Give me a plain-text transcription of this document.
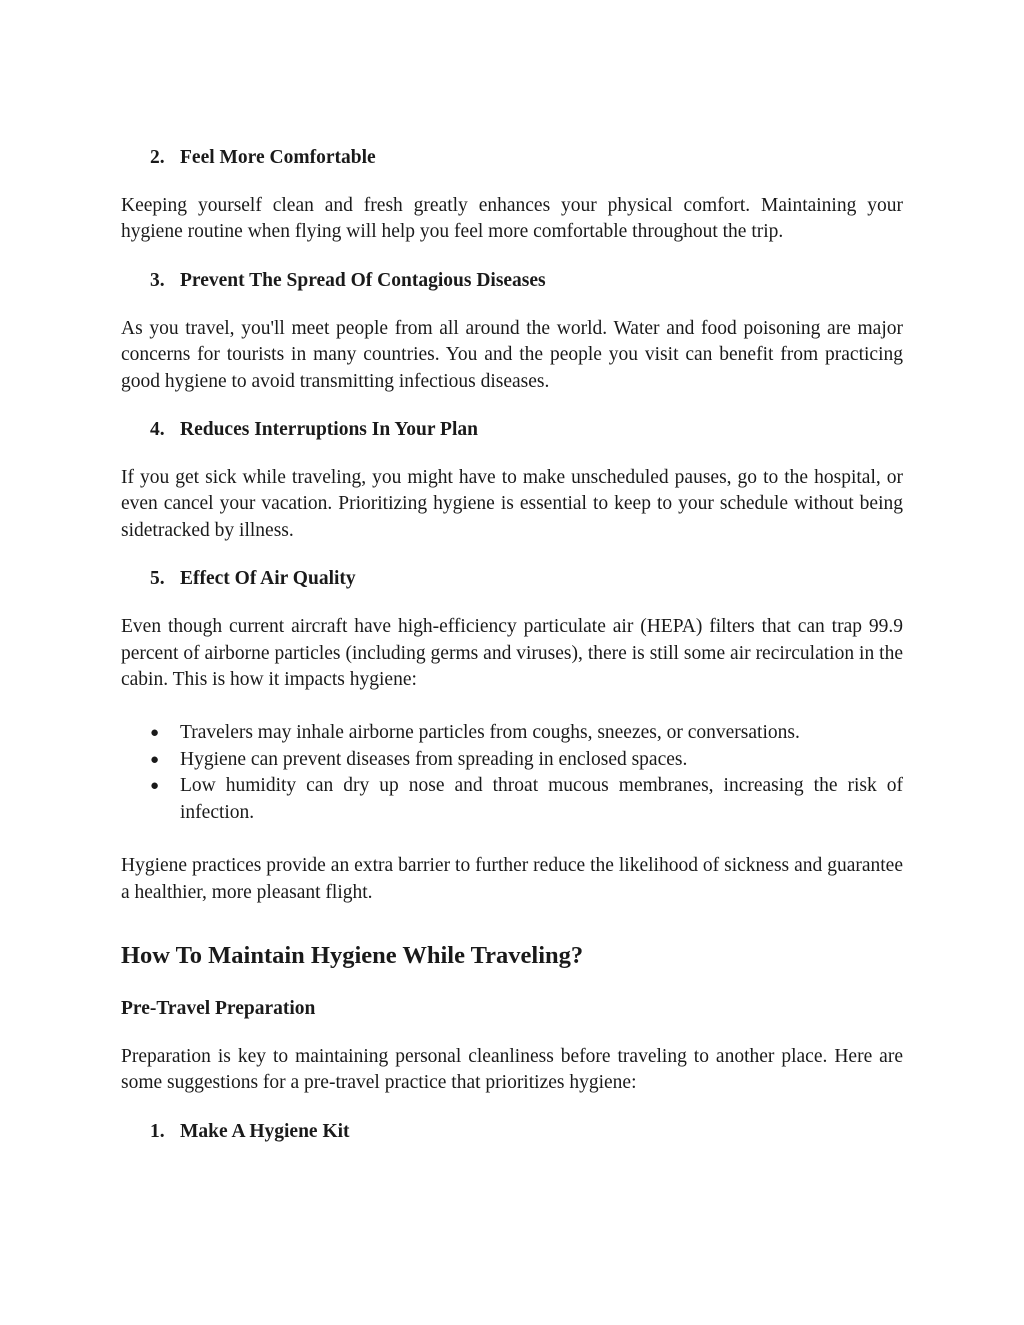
2. Feel More Comfortable

Keeping yourself clean and fresh greatly enhances your physical comfort. Maintaining your hygiene routine when flying will help you feel more comfortable throughout the trip.

3. Prevent The Spread Of Contagious Diseases

As you travel, you'll meet people from all around the world. Water and food poisoning are major concerns for tourists in many countries. You and the people you visit can benefit from practicing good hygiene to avoid transmitting infectious diseases.

4. Reduces Interruptions In Your Plan

If you get sick while traveling, you might have to make unscheduled pauses, go to the hospital, or even cancel your vacation. Prioritizing hygiene is essential to keep to your schedule without being sidetracked by illness.

5. Effect Of Air Quality

Even though current aircraft have high-efficiency particulate air (HEPA) filters that can trap 99.9 percent of airborne particles (including germs and viruses), there is still some air recirculation in the cabin. This is how it impacts hygiene:

●	Travelers may inhale airborne particles from coughs, sneezes, or conversations.
●	Hygiene can prevent diseases from spreading in enclosed spaces.
●	Low humidity can dry up nose and throat mucous membranes, increasing the risk of infection.

Hygiene practices provide an extra barrier to further reduce the likelihood of sickness and guarantee a healthier, more pleasant flight.

How To Maintain Hygiene While Traveling?
Pre-Travel Preparation

Preparation is key to maintaining personal cleanliness before traveling to another place. Here are some suggestions for a pre-travel practice that prioritizes hygiene:

1. Make A Hygiene Kit
